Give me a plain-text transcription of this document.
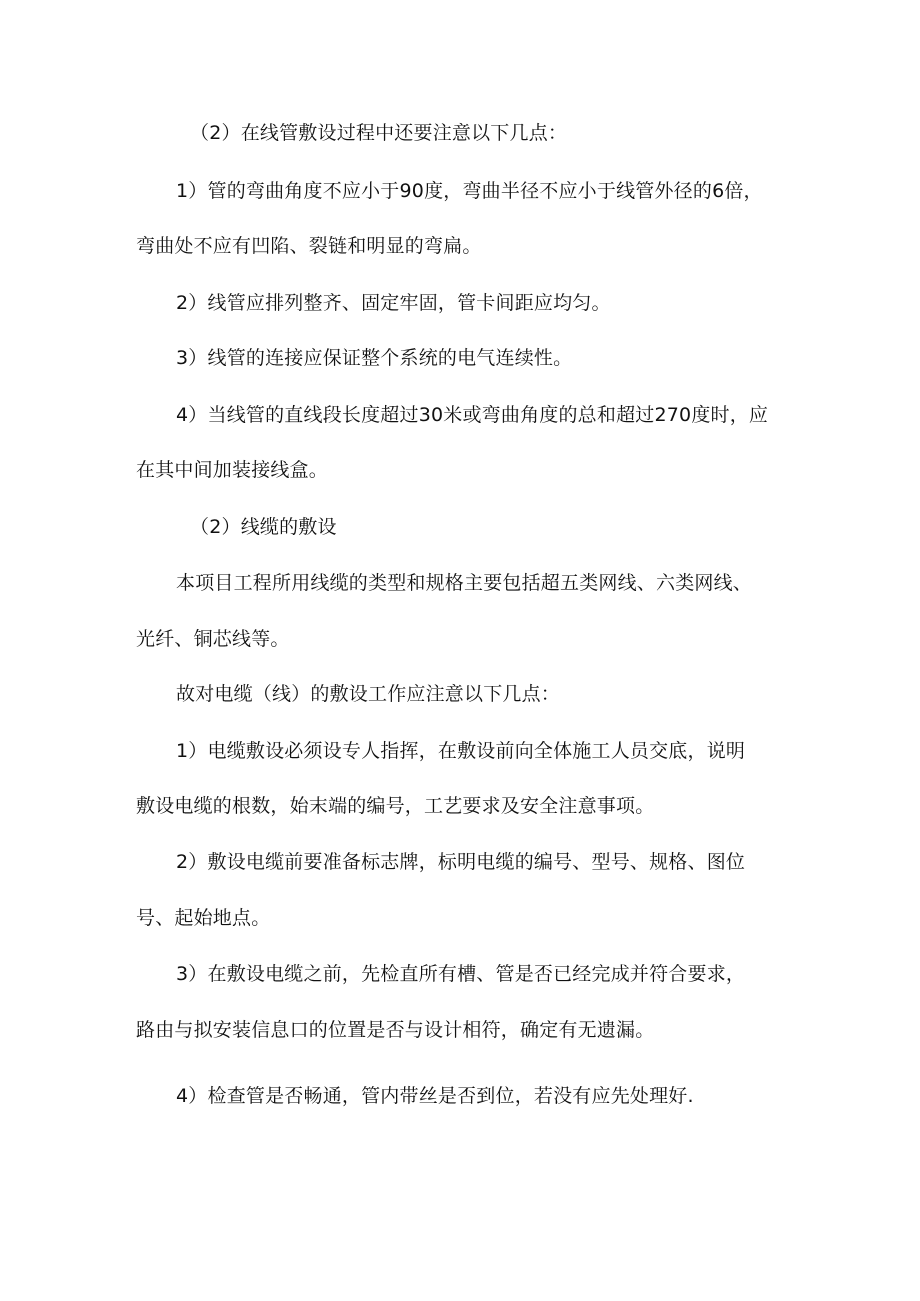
（2）在线管敷设过程中还要注意以下几点：
1）管的弯曲角度不应小于90度，弯曲半径不应小于线管外径的6倍，
弯曲处不应有凹陷、裂链和明显的弯扁。
2）线管应排列整齐、固定牢固，管卡间距应均匀。
3）线管的连接应保证整个系统的电气连续性。
4）当线管的直线段长度超过30米或弯曲角度的总和超过270度时，应
在其中间加装接线盒。
（2）线缆的敷设
本项目工程所用线缆的类型和规格主要包括超五类网线、六类网线、
光纤、铜芯线等。
故对电缆（线）的敷设工作应注意以下几点：
1）电缆敷设必须设专人指挥，在敷设前向全体施工人员交底，说明
敷设电缆的根数，始末端的编号，工艺要求及安全注意事项。
2）敷设电缆前要准备标志牌，标明电缆的编号、型号、规格、图位
号、起始地点。
3）在敷设电缆之前，先检直所有槽、管是否已经完成并符合要求，
路由与拟安装信息口的位置是否与设计相符，确定有无遗漏。
4）检查管是否畅通，管内带丝是否到位，若没有应先处理好.
